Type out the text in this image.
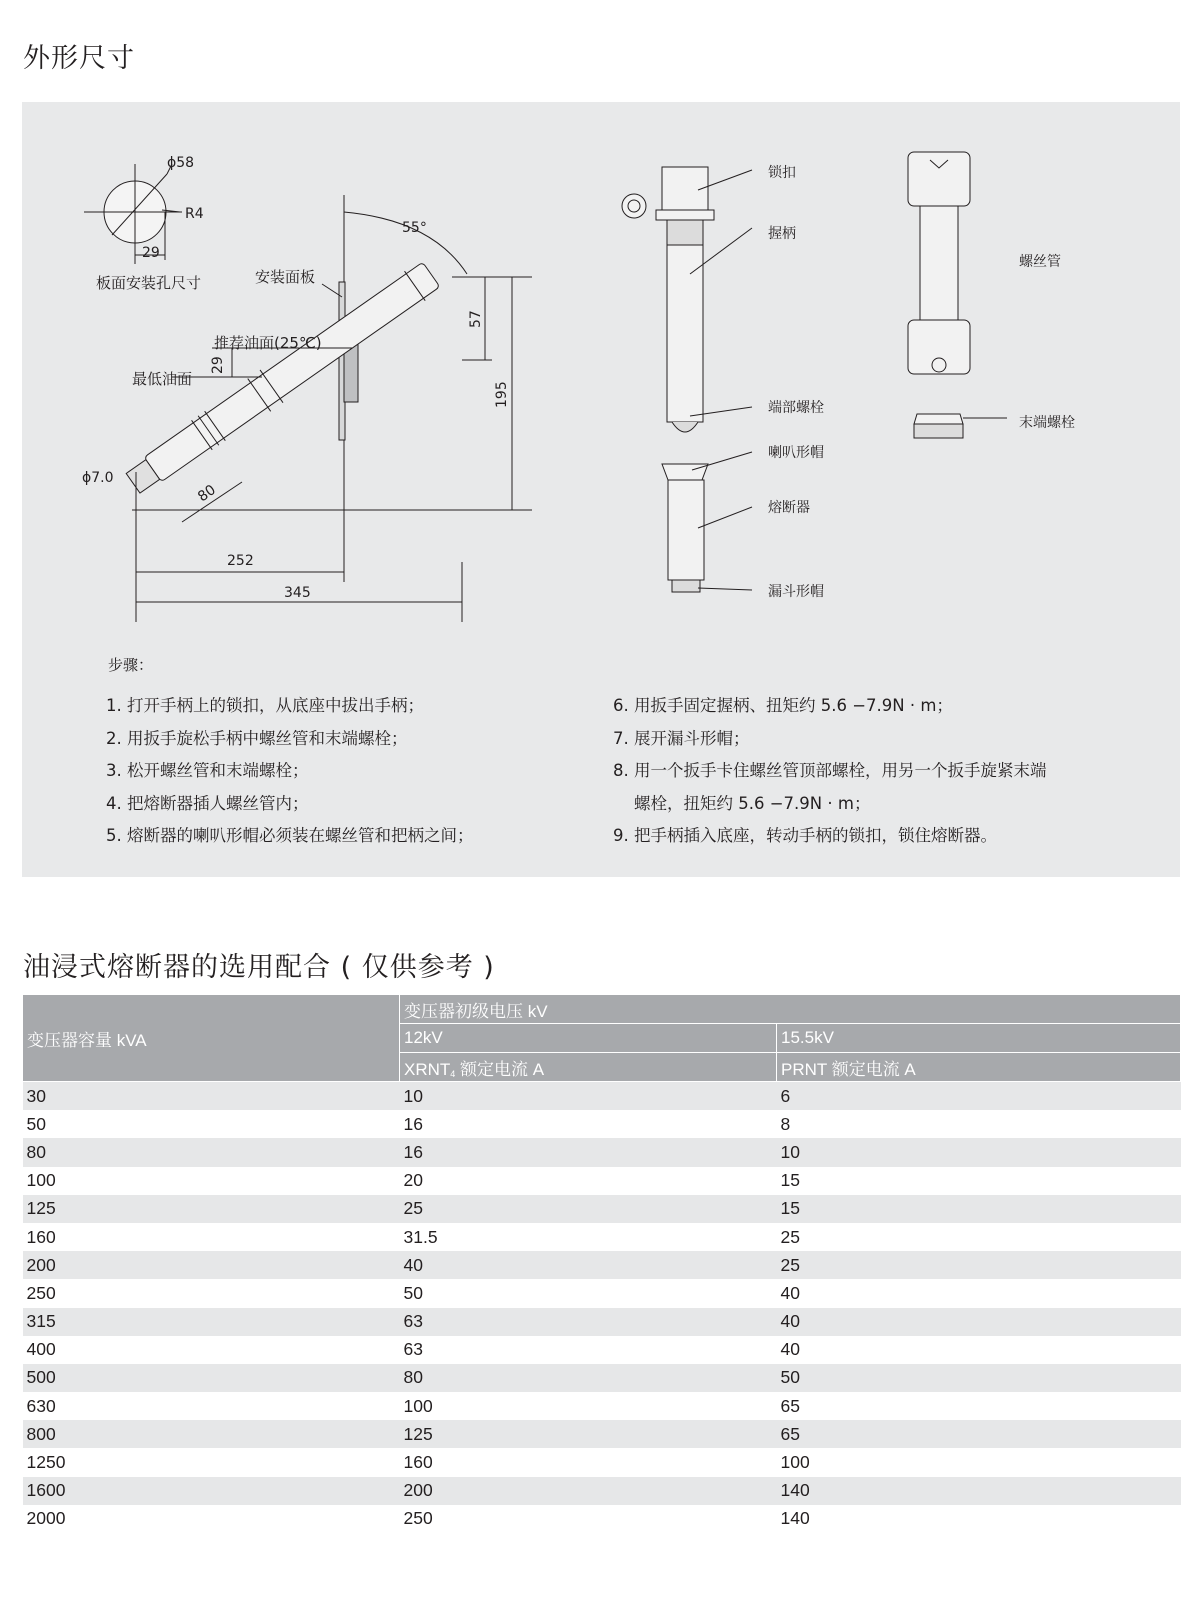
外形尺寸
ϕ58
R4
29
板面安装孔尺寸
55°
安装面板
推荐油面(25℃)
最低油面
29
57
195
ϕ7.0
80
252
345
锁扣
握柄
端部螺栓
喇叭形帽
熔断器
漏斗形帽
螺丝管
末端螺栓
步骤：
1. 打开手柄上的锁扣，从底座中拔出手柄；
2. 用扳手旋松手柄中螺丝管和末端螺栓；
3. 松开螺丝管和末端螺栓；
4. 把熔断器插人螺丝管内；
5. 熔断器的喇叭形帽必须装在螺丝管和把柄之间；
6. 用扳手固定握柄、扭矩约 5.6 −7.9N · m；
7. 展开漏斗形帽；
8. 用一个扳手卡住螺丝管顶部螺栓，用另一个扳手旋紧末端
螺栓，扭矩约 5.6 −7.9N · m；
9. 把手柄插入底座，转动手柄的锁扣，锁住熔断器。
油浸式熔断器的选用配合 ( 仅供参考 )
变压器容量 kVA	变压器初级电压 kV	
	12kV	15.5kV
	$XRNT_4$ 额定电流 A	PRNT 额定电流 A
30	10	6
50	16	8
80	16	10
100	20	15
125	25	15
160	31.5	25
200	40	25
250	50	40
315	63	40
400	63	40
500	80	50
630	100	65
800	125	65
1250	160	100
1600	200	140
2000	250	140
